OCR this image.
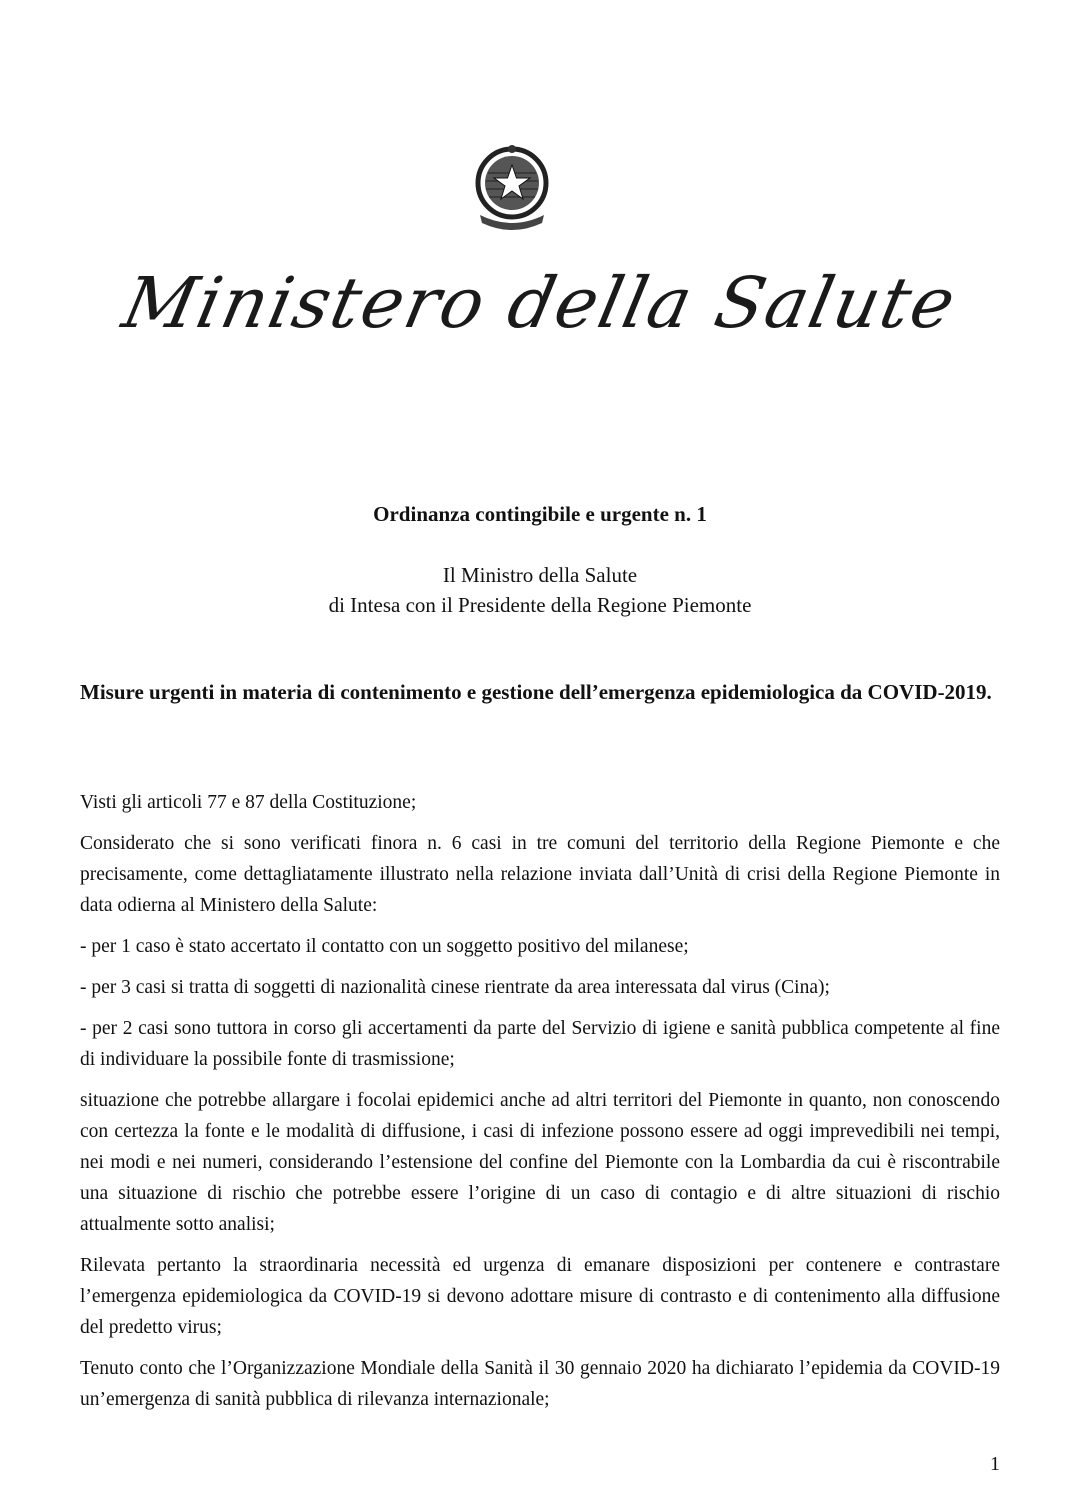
Ministero della Salute
Ordinanza contingibile e urgente n. 1
Il Ministro della Salute
di Intesa con il Presidente della Regione Piemonte
Misure urgenti in materia di contenimento e gestione dell’emergenza epidemiologica da COVID-2019.

Visti gli articoli 77 e 87 della Costituzione;

Considerato che si sono verificati finora n. 6 casi in tre comuni del territorio della Regione Piemonte e che precisamente, come dettagliatamente illustrato nella relazione inviata dall’Unità di crisi della Regione Piemonte in data odierna al Ministero della Salute:

- per 1 caso è stato accertato il contatto con un soggetto positivo del milanese;

- per 3 casi si tratta di soggetti di nazionalità cinese rientrate da area interessata dal virus (Cina);

- per 2 casi sono tuttora in corso gli accertamenti da parte del Servizio di igiene e sanità pubblica competente al fine di individuare la possibile fonte di trasmissione;

situazione che potrebbe allargare i focolai epidemici anche ad altri territori del Piemonte in quanto, non conoscendo con certezza la fonte e le modalità di diffusione, i casi di infezione possono essere ad oggi imprevedibili nei tempi, nei modi e nei numeri, considerando l’estensione del confine del Piemonte con la Lombardia da cui è riscontrabile una situazione di rischio che potrebbe essere l’origine di un caso di contagio e di altre situazioni di rischio attualmente sotto analisi;

Rilevata pertanto la straordinaria necessità ed urgenza di emanare disposizioni per contenere e contrastare l’emergenza epidemiologica da COVID-19 si devono adottare misure di contrasto e di contenimento alla diffusione del predetto virus;

Tenuto conto che l’Organizzazione Mondiale della Sanità il 30 gennaio 2020 ha dichiarato l’epidemia da COVID-19 un’emergenza di sanità pubblica di rilevanza internazionale;

1
